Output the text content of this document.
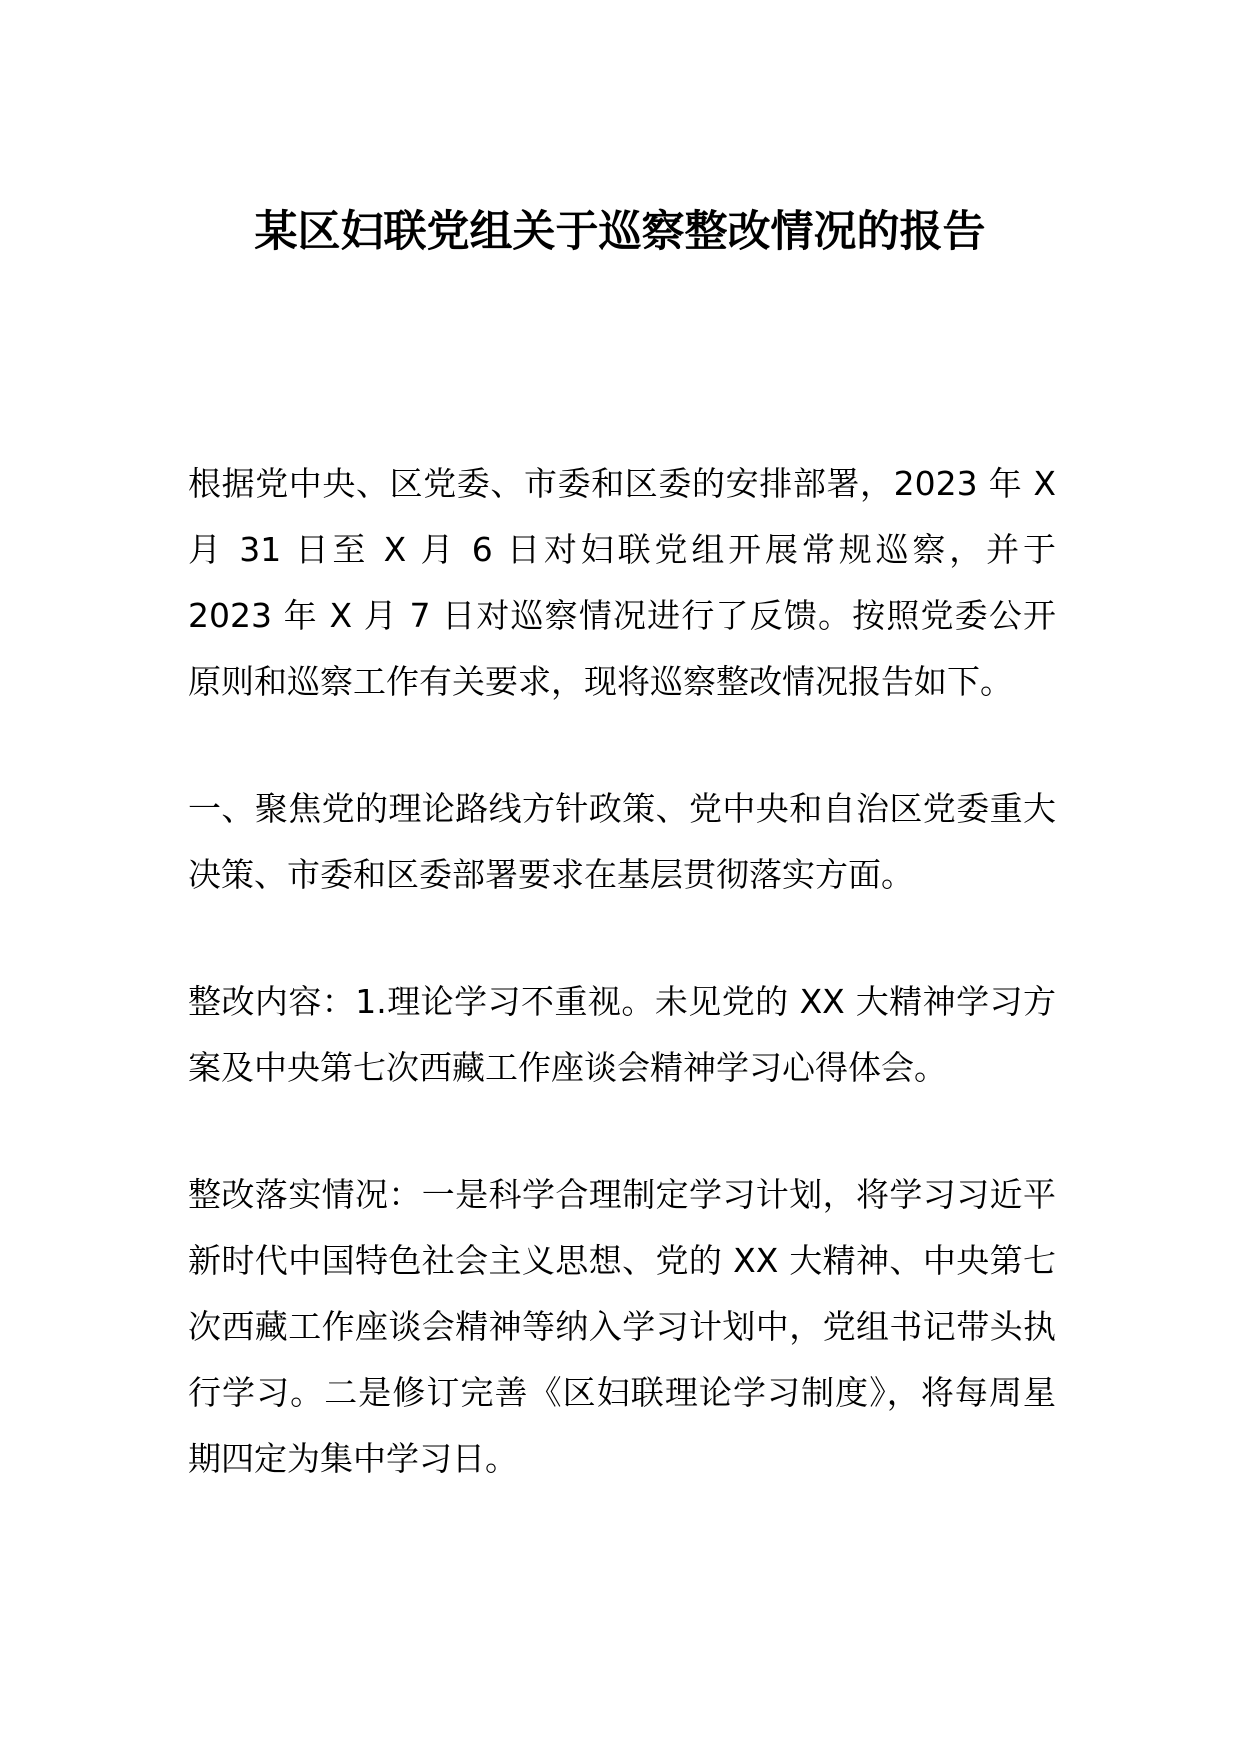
某区妇联党组关于巡察整改情况的报告

根据党中央、区党委、市委和区委的安排部署，2023 年 X 月 31 日至 X 月 6 日对妇联党组开展常规巡察，并于 2023 年 X 月 7 日对巡察情况进行了反馈。按照党委公开原则和巡察工作有关要求，现将巡察整改情况报告如下。

一、聚焦党的理论路线方针政策、党中央和自治区党委重大决策、市委和区委部署要求在基层贯彻落实方面。

整改内容：1.理论学习不重视。未见党的 XX 大精神学习方案及中央第七次西藏工作座谈会精神学习心得体会。

整改落实情况：一是科学合理制定学习计划，将学习习近平新时代中国特色社会主义思想、党的 XX 大精神、中央第七次西藏工作座谈会精神等纳入学习计划中，党组书记带头执行学习。二是修订完善《区妇联理论学习制度》，将每周星期四定为集中学习日。
